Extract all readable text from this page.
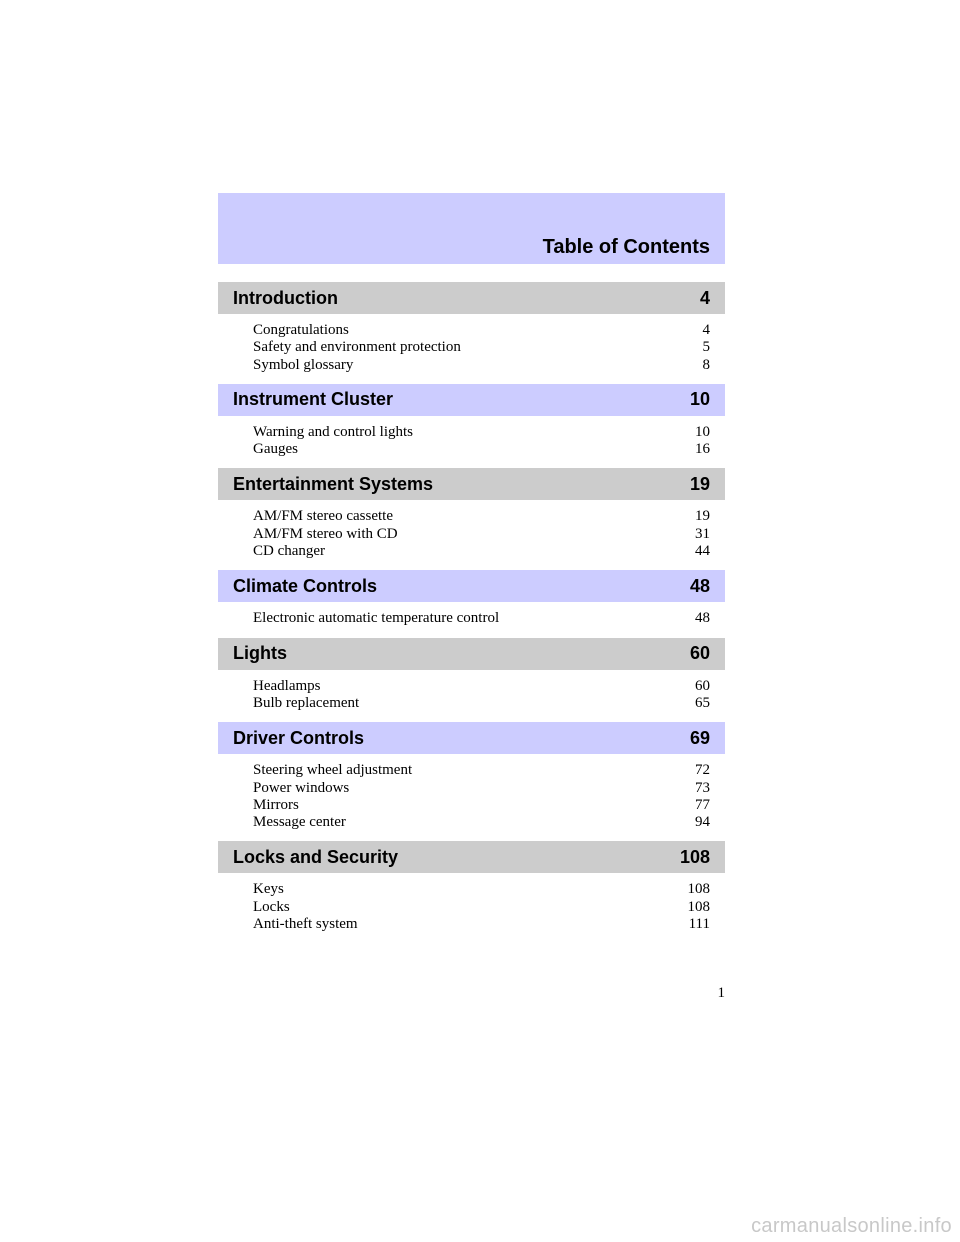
Table of Contents
Introduction	4
Congratulations	4
Safety and environment protection	5
Symbol glossary	8
Instrument Cluster	10
Warning and control lights	10
Gauges	16
Entertainment Systems	19
AM/FM stereo cassette	19
AM/FM stereo with CD	31
CD changer	44
Climate Controls	48
Electronic automatic temperature control	48
Lights	60
Headlamps	60
Bulb replacement	65
Driver Controls	69
Steering wheel adjustment	72
Power windows	73
Mirrors	77
Message center	94
Locks and Security	108
Keys	108
Locks	108
Anti-theft system	111
1
carmanualsonline.info
